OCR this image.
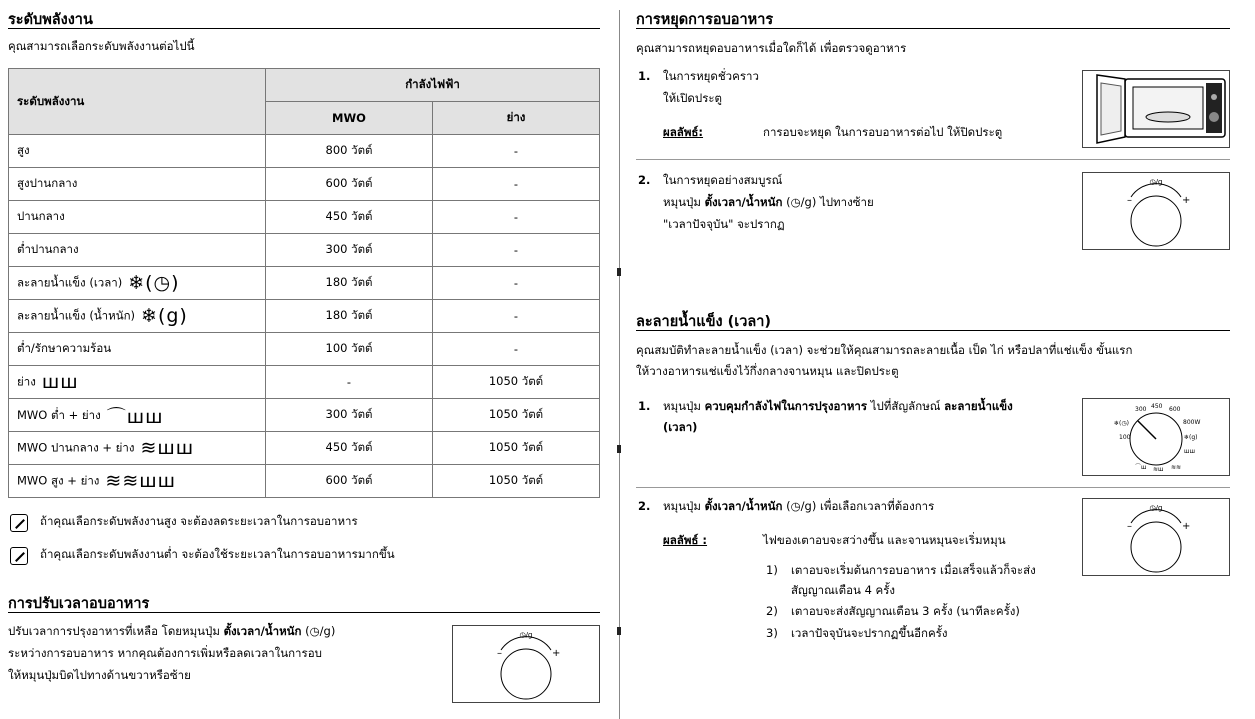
ระดับพลังงาน
คุณสามารถเลือกระดับพลังงานต่อไปนี้
ระดับพลังงาน	กำลังไฟฟ้า	
	MWO	ย่าง
สูง	800 วัตต์	-
สูงปานกลาง	600 วัตต์	-
ปานกลาง	450 วัตต์	-
ต่ำปานกลาง	300 วัตต์	-
ละลายน้ำแข็ง (เวลา) ❄(◷)	180 วัตต์	-
ละลายน้ำแข็ง (น้ำหนัก) ❄(g)	180 วัตต์	-
ต่ำ/รักษาความร้อน	100 วัตต์	-
ย่าง ꟺꟺ	-	1050 วัตต์
MWO ต่ำ + ย่าง ⌒ꟺꟺ	300 วัตต์	1050 วัตต์
MWO ปานกลาง + ย่าง ≋ꟺꟺ	450 วัตต์	1050 วัตต์
MWO สูง + ย่าง ≋≋ꟺꟺ	600 วัตต์	1050 วัตต์
ถ้าคุณเลือกระดับพลังงานสูง จะต้องลดระยะเวลาในการอบอาหาร
ถ้าคุณเลือกระดับพลังงานต่ำ จะต้องใช้ระยะเวลาในการอบอาหารมากขึ้น
การปรับเวลาอบอาหาร
ปรับเวลาการปรุงอาหารที่เหลือ โดยหมุนปุ่ม ตั้งเวลา/น้ำหนัก (◷/g)
ระหว่างการอบอาหาร หากคุณต้องการเพิ่มหรือลดเวลาในการอบ
ให้หมุนปุ่มบิดไปทางด้านขวาหรือซ้าย
◷/g
–	+
การหยุดการอบอาหาร
คุณสามารถหยุดอบอาหารเมื่อใดก็ได้ เพื่อตรวจดูอาหาร
1. ในการหยุดชั่วคราว
ให้เปิดประตู
ผลลัพธ์:	การอบจะหยุด ในการอบอาหารต่อไป ให้ปิดประตู
2. ในการหยุดอย่างสมบูรณ์
หมุนปุ่ม ตั้งเวลา/น้ำหนัก (◷/g) ไปทางซ้าย
"เวลาปัจจุบัน" จะปรากฏ
◷/g
–	+
ละลายน้ำแข็ง (เวลา)
คุณสมบัติทำละลายน้ำแข็ง (เวลา) จะช่วยให้คุณสามารถละลายเนื้อ เป็ด ไก่ หรือปลาที่แช่แข็ง ขั้นแรก
ให้วางอาหารแช่แข็งไว้กึ่งกลางจานหมุน และปิดประตู
1. หมุนปุ่ม ควบคุมกำลังไฟในการปรุงอาหาร ไปที่สัญลักษณ์ ละลายน้ำแข็ง
(เวลา)
300 450 600
800W
100
❄(◷)
❄(g)
ꟺꟺ
⌒ꟺ ≋ꟺ ≋≋
2. หมุนปุ่ม ตั้งเวลา/น้ำหนัก (◷/g) เพื่อเลือกเวลาที่ต้องการ
ผลลัพธ์ :	ไฟของเตาอบจะสว่างขึ้น และจานหมุนจะเริ่มหมุน
1) เตาอบจะเริ่มต้นการอบอาหาร เมื่อเสร็จแล้วก็จะส่ง
สัญญาณเตือน 4 ครั้ง
2) เตาอบจะส่งสัญญาณเตือน 3 ครั้ง (นาทีละครั้ง)
3) เวลาปัจจุบันจะปรากฏขึ้นอีกครั้ง
◷/g
–	+
